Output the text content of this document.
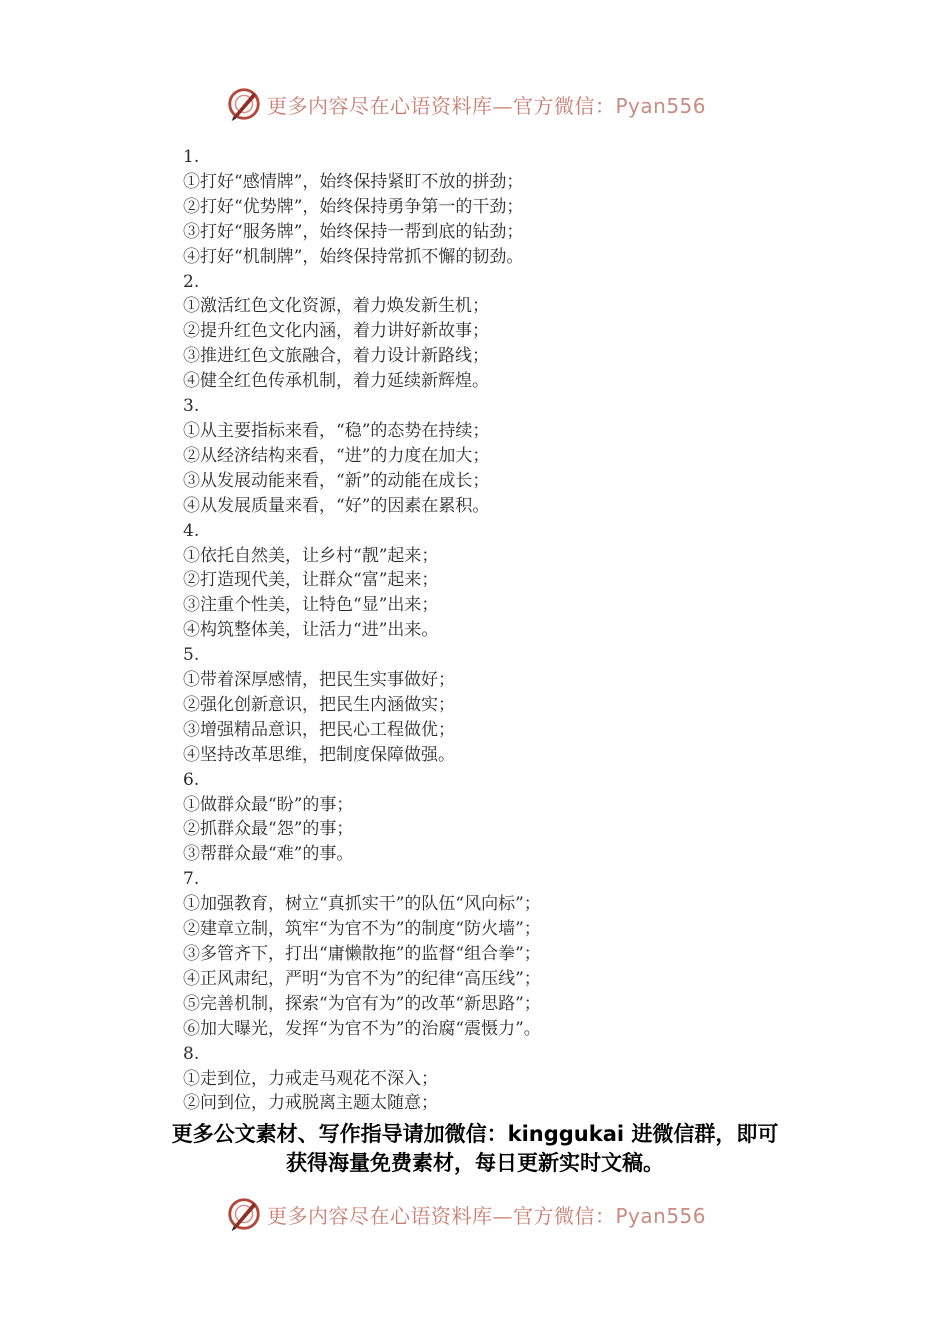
更多内容尽在心语资料库—官方微信：Pyan556
1.
①打好“感情牌”，始终保持紧盯不放的拼劲；
②打好“优势牌”，始终保持勇争第一的干劲；
③打好“服务牌”，始终保持一帮到底的钻劲；
④打好“机制牌”，始终保持常抓不懈的韧劲。
2.
①激活红色文化资源，着力焕发新生机；
②提升红色文化内涵，着力讲好新故事；
③推进红色文旅融合，着力设计新路线；
④健全红色传承机制，着力延续新辉煌。
3.
①从主要指标来看，“稳”的态势在持续；
②从经济结构来看，“进”的力度在加大；
③从发展动能来看，“新”的动能在成长；
④从发展质量来看，“好”的因素在累积。
4.
①依托自然美，让乡村“靓”起来；
②打造现代美，让群众“富”起来；
③注重个性美，让特色“显”出来；
④构筑整体美，让活力“进”出来。
5.
①带着深厚感情，把民生实事做好；
②强化创新意识，把民生内涵做实；
③增强精品意识，把民心工程做优；
④坚持改革思维，把制度保障做强。
6.
①做群众最“盼”的事；
②抓群众最“怨”的事；
③帮群众最“难”的事。
7.
①加强教育，树立“真抓实干”的队伍“风向标”；
②建章立制，筑牢“为官不为”的制度“防火墙”；
③多管齐下，打出“庸懒散拖”的监督“组合拳”；
④正风肃纪，严明“为官不为”的纪律“高压线”；
⑤完善机制，探索“为官有为”的改革“新思路”；
⑥加大曝光，发挥“为官不为”的治腐“震慑力”。
8.
①走到位，力戒走马观花不深入；
②问到位，力戒脱离主题太随意；
更多公文素材、写作指导请加微信：kinggukai 进微信群，即可
获得海量免费素材，每日更新实时文稿。
更多内容尽在心语资料库—官方微信：Pyan556
